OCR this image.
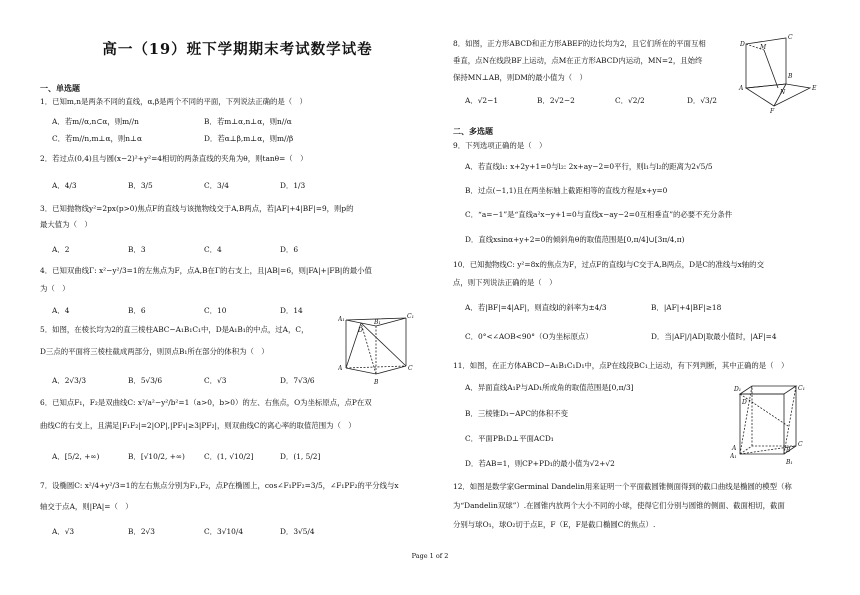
高一（19）班下学期期末考试数学试卷
一、单选题
1．已知m,n是两条不同的直线，α,β是两个不同的平面，下列说法正确的是（　）
A．若m//α,n⊂α，则m//n	B．若m⊥α,n⊥α，则n//α
C．若m//n,m⊥α，则n⊥α	D．若α⊥β,m⊥α，则m//β
2．若过点(0,4)且与圆(x−2)²+y²=4相切的两条直线的夹角为θ，则tanθ=（　）
A．4/3	B．3/5	C．3/4	D．1/3
3．已知抛物线y²=2px(p>0)焦点F的直线与该抛物线交于A,B两点，若|AF|+4|BF|=9，则p的
最大值为（　）
A．2	B．3	C．4	D．6
4．已知双曲线Γ: x²−y²/3=1的左焦点为F，点A,B在Γ的右支上，且|AB|=6，则|FA|+|FB|的最小值
为（　）
A．4	B．6	C．10	D．14
5．如图，在棱长均为2的直三棱柱ABC−A₁B₁C₁中，D是A₁B₁的中点，过A，C，
D三点的平面将三棱柱截成两部分，则顶点B₁所在部分的体积为（　）
A．2√3/3	B．5√3/6	C．√3	D．7√3/6
A₁	B₁
C₁
D
A
B
C
6．已知点F₁，F₂是双曲线C: x²/a²−y²/b²=1（a>0，b>0）的左、右焦点，O为坐标原点，点P在双
曲线C的右支上，且满足|F₁F₂|=2|OP|,|PF₁|≥3|PF₂|，则双曲线C的离心率的取值范围为（　）
A．[5/2, +∞)	B．[√10/2, +∞)	C．(1, √10/2]	D．(1, 5/2]
7．设椭圆C: x²/4+y²/3=1的左右焦点分别为F₁,F₂，点P在椭圆上，cos∠F₁PF₂=3/5，∠F₁PF₂的平分线与x
轴交于点A，则|PA|=（　）
A．√3	B．2√3	C．3√10/4	D．3√5/4
8．如图，正方形ABCD和正方形ABEF的边长均为2，且它们所在的平面互相
垂直，点N在线段BF上运动，点M在正方形ABCD内运动，MN=2，且始终
保持MN⊥AB，则DM的最小值为（　）
A．√2−1	B．2√2−2	C．√2/2	D．√3/2
D
C
M
B
A
N
E
F
二、多选题
9．下列选项正确的是（　）
A．若直线l₁: x+2y+1=0与l₂: 2x+ay−2=0平行，则l₁与l₂的距离为2√5/5
B．过点(−1,1)且在两坐标轴上截距相等的直线方程是x+y=0
C．“a=−1”是“直线a²x−y+1=0与直线x−ay−2=0互相垂直”的必要不充分条件
D．直线xsinα+y+2=0的倾斜角θ的取值范围是[0,π/4]∪[3π/4,π)
10．已知抛物线C: y²=8x的焦点为F，过点F的直线l与C交于A,B两点，D是C的准线与x轴的交
点，则下列说法正确的是（　）
A．若|BF|=4|AF|，则直线l的斜率为±4/3	B．|AF|+4|BF|≥18
C．0°<∠AOB<90°（O为坐标原点）	D．当|AF|/|AD|取最小值时，|AF|=4
11．如图，在正方体ABCD−A₁B₁C₁D₁中，点P在线段BC₁上运动，有下列判断，其中正确的是（　）
A．异面直线A₁P与AD₁所成角的取值范围是[0,π/3]
B．三棱锥D₁−APC的体积不变
C．平面PB₁D⊥平面ACD₁
D．若AB=1，则CP+PD₁的最小值为√2+√2
D₁	C₁
A₁
B₁
D
C
A	B
12．如图是数学家Germinal Dandelin用来证明一个平面截圆锥侧面得到的截口曲线是椭圆的模型（称
为“Dandelin双球”）.在圆锥内放两个大小不同的小球，使得它们分别与圆锥的侧面、截面相切，截面
分别与球O₁，球O₂切于点E，F（E，F是截口椭圆C的焦点）.
Page 1 of 2
